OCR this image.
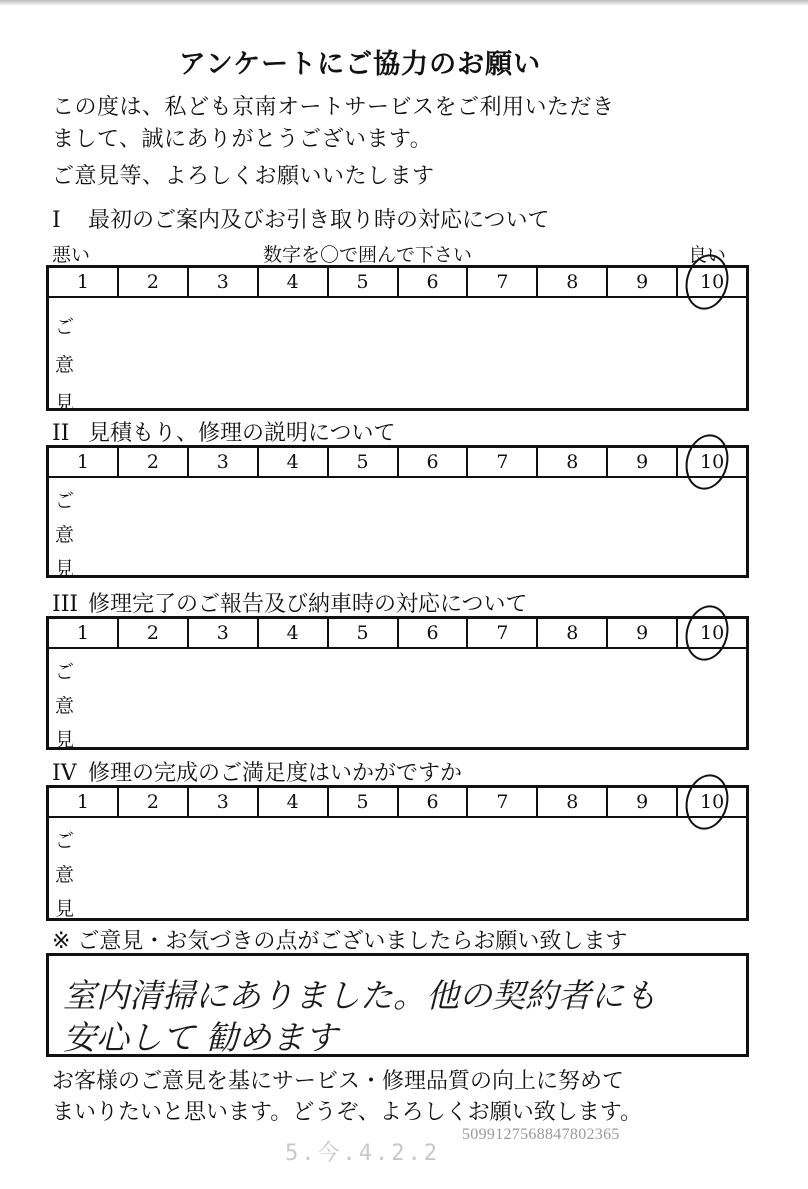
アンケートにご協力のお願い
この度は、私ども京南オートサービスをご利用いただき
まして、誠にありがとうございます。
ご意見等、よろしくお願いいたします
I 最初のご案内及びお引き取り時の対応について
悪い	数字を〇で囲んで下さい	良い
1	2	3	4	5	6	7	8	9	10
ご
意
見
II 見積もり、修理の説明について
1	2	3	4	5	6	7	8	9	10
ご
意
見
III 修理完了のご報告及び納車時の対応について
1	2	3	4	5	6	7	8	9	10
ご
意
見
IV 修理の完成のご満足度はいかがですか
1	2	3	4	5	6	7	8	9	10
ご
意
見
※ ご意見・お気づきの点がございましたらお願い致します
室内清掃にありました。他の契約者にも
安心して 勧めます
お客様のご意見を基にサービス・修理品質の向上に努めて
まいりたいと思います。どうぞ、よろしくお願い致します。
5.今.4.2.2
5099127568847802365
